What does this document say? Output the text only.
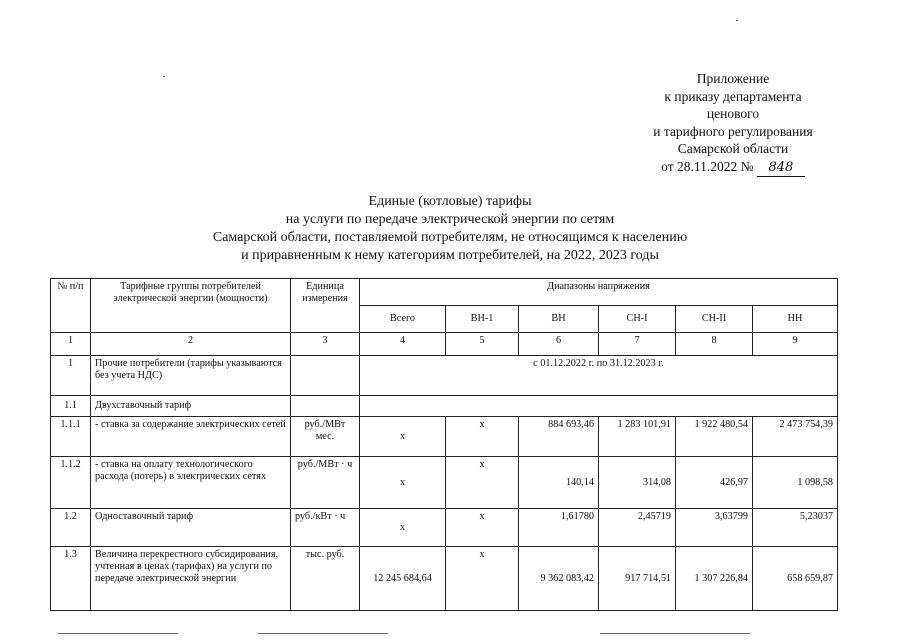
Приложение
к приказу департамента
ценового
и тарифного регулирования
Самарской области
от 28.11.2022 № 848
Единые (котловые) тарифы
на услуги по передаче электрической энергии по сетям
Самарской области, поставляемой потребителям, не относящимся к населению
и приравненным к нему категориям потребителей, на 2022, 2023 годы
№ п/п	Тарифные группы потребителей электрической энергии (мощности)	Единица измерения	Диапазоны напряжения					
			Всего	ВН-1	ВН	СН-I	СН-II	НН
1	2	3	4	5	6	7	8	9
1	Прочие потребители (тарифы указываются без учета НДС)		с 01.12.2022 г. по 31.12.2023 г.					
1.1	Двухставочный тариф							
1.1.1	- ставка за содержание электрических сетей	руб./МВт мес.	х	х	884 693,46	1 283 101,91	1 922 480,54	2 473 754,39
1.1.2	- ставка на оплату технологического расхода (потерь) в электрических сетях	руб./МВт · ч	х	х	140,14	314,08	426,97	1 098,58
1.2	Одноставочный тариф	руб./кВт · ч	х	х	1,61780	2,45719	3,63799	5,23037
1.3	Величина перекрестного субсидирования, учтенная в ценах (тарифах) на услуги по передаче электрической энергии	тыс. руб.	12 245 684,64	х	9 362 083,42	917 714,51	1 307 226,84	658 659,87
